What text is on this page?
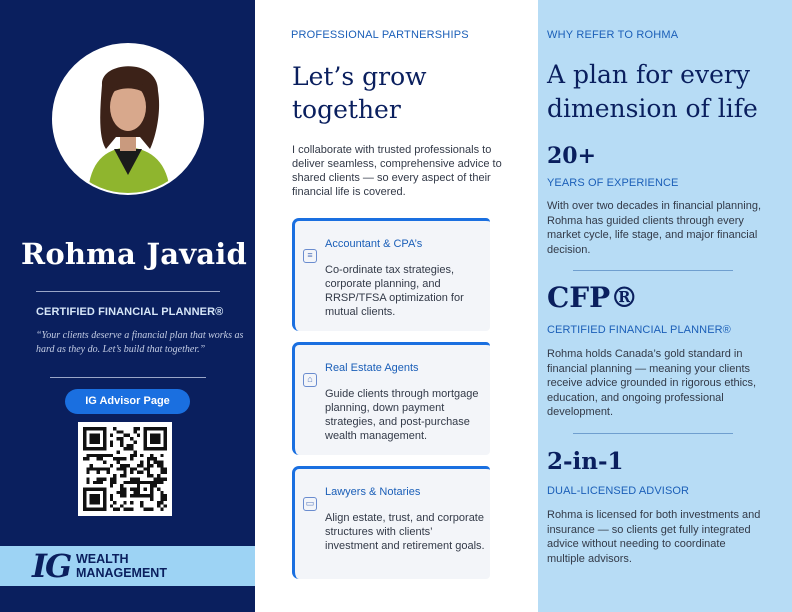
Rohma Javaid
CERTIFIED FINANCIAL PLANNER®
“Your clients deserve a financial plan that works as hard as they do. Let’s build that together.”
IG Advisor Page
IG WEALTH
MANAGEMENT
PROFESSIONAL PARTNERSHIPS
Let’s grow together
I collaborate with trusted professionals to deliver seamless, comprehensive advice to shared clients — so every aspect of their financial life is covered.
≡
Accountant & CPA’s
Co-ordinate tax strategies, corporate planning, and RRSP/TFSA optimization for mutual clients.
⌂
Real Estate Agents
Guide clients through mortgage planning, down payment strategies, and post-purchase wealth management.
▭
Lawyers & Notaries
Align estate, trust, and corporate structures with clients’ investment and retirement goals.
WHY REFER TO ROHMA
A plan for every dimension of life
20+
YEARS OF EXPERIENCE
With over two decades in financial planning, Rohma has guided clients through every market cycle, life stage, and major financial decision.
CFP®
CERTIFIED FINANCIAL PLANNER®
Rohma holds Canada’s gold standard in financial planning — meaning your clients receive advice grounded in rigorous ethics, education, and ongoing professional development.
2-in-1
DUAL-LICENSED ADVISOR
Rohma is licensed for both investments and insurance — so clients get fully integrated advice without needing to coordinate multiple advisors.
